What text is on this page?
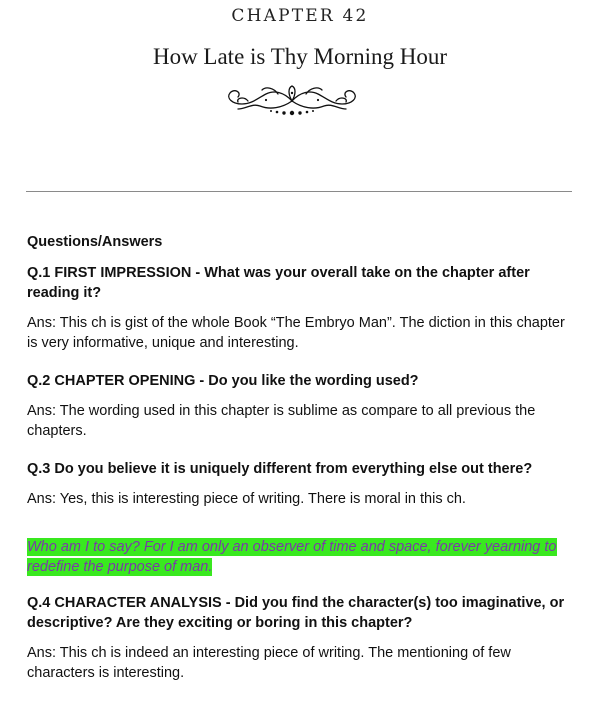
CHAPTER 42
How Late is Thy Morning Hour
Questions/Answers
Q.1 FIRST IMPRESSION - What was your overall take on the chapter after reading it?
Ans: This ch is gist of the whole Book “The Embryo Man”. The diction in this chapter is very informative, unique and interesting.
Q.2 CHAPTER OPENING - Do you like the wording used?
Ans: The wording used in this chapter is sublime as compare to all previous the chapters.
Q.3 Do you believe it is uniquely different from everything else out there?
Ans: Yes, this is interesting piece of writing. There is moral in this ch.
Who am I to say? For I am only an observer of time and space, forever yearning to redefine the purpose of man.
Q.4 CHARACTER ANALYSIS - Did you find the character(s) too imaginative, or descriptive? Are they exciting or boring in this chapter?
Ans: This ch is indeed an interesting piece of writing. The mentioning of few characters is interesting.
